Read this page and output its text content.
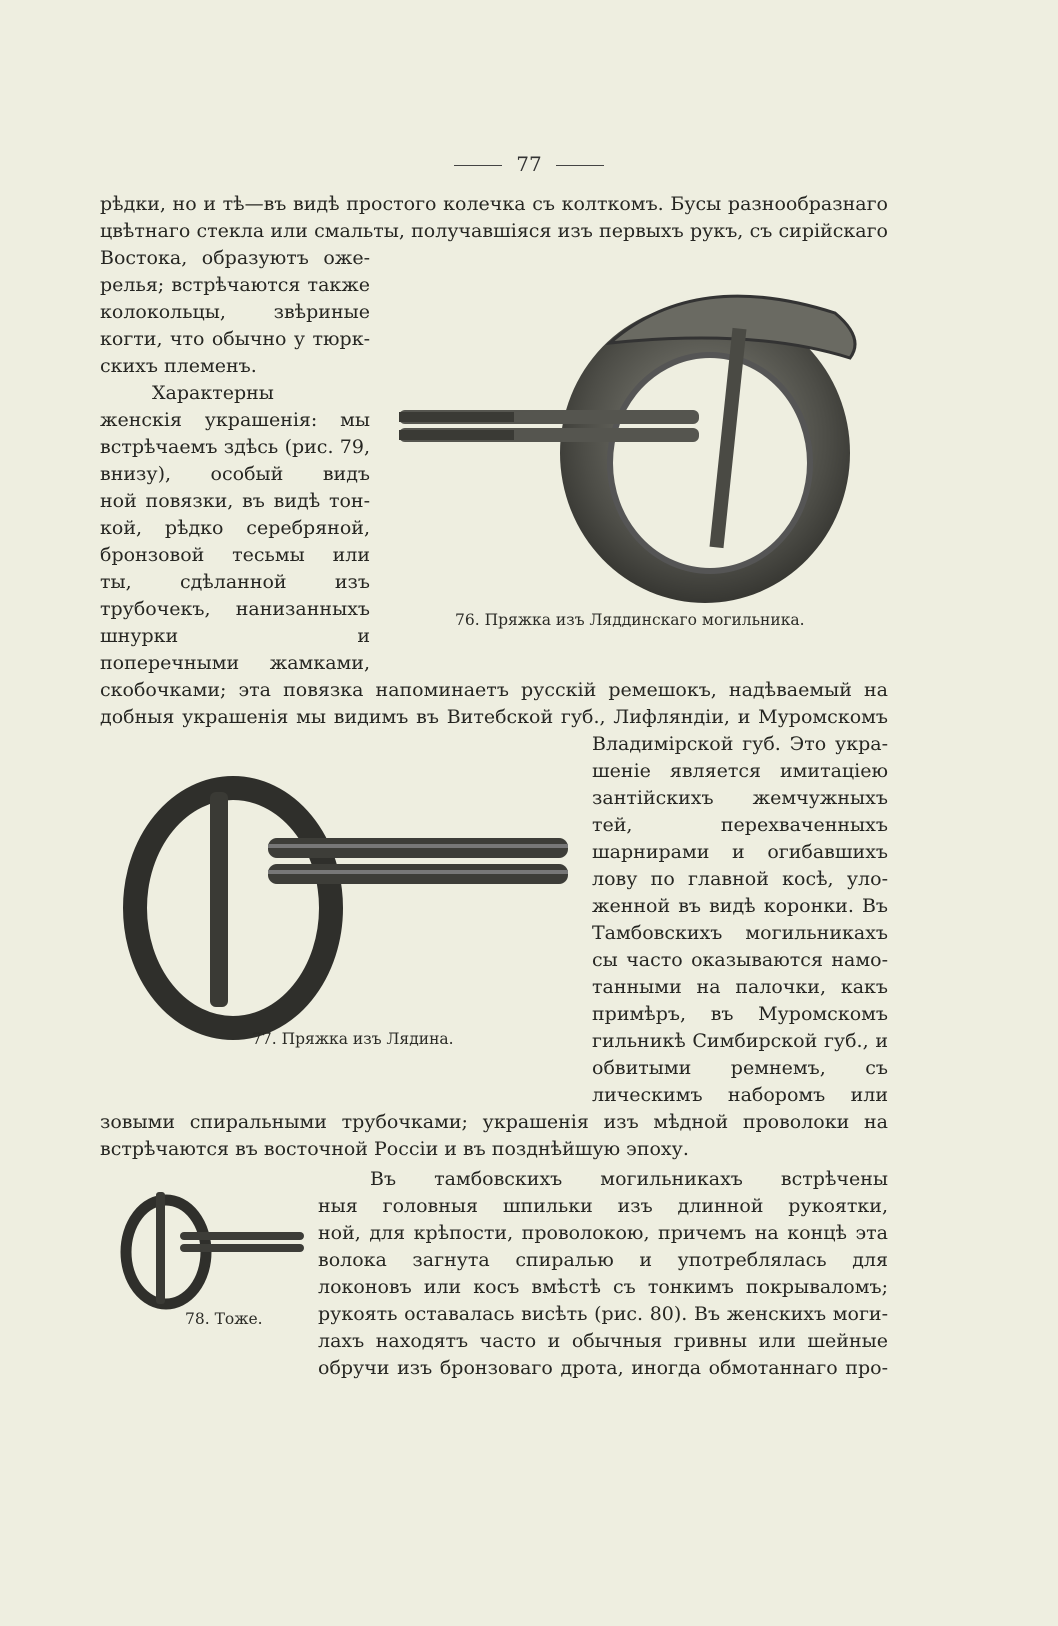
77
рѣдки, но и тѣ—въ видѣ простого колечка съ колткомъ. Бусы разнообразнаго
цвѣтнаго стекла или смальты, получавшіяся изъ первыхъ рукъ, съ сирійскаго
Востока, образуютъ оже-
релья; встрѣчаются также
колокольцы, звѣриные
когти, что обычно у тюрк-
скихъ племенъ.
Характерны
женскія украшенія: мы
встрѣчаемъ здѣсь (рис. 79,
внизу), особый видъ
ной повязки, въ видѣ тон-
кой, рѣдко серебряной,
бронзовой тесьмы или
ты, сдѣланной изъ
трубочекъ, нанизанныхъ
шнурки и
поперечными жамками,
76. Пряжка изъ Ляддинскаго могильника.
скобочками; эта повязка напоминаетъ русскій ремешокъ, надѣваемый на
добныя украшенія мы видимъ въ Витебской губ., Лифляндіи, и Муромскомъ
Владимірской губ. Это укра-
шеніе является имитаціею
зантійскихъ жемчужныхъ
тей, перехваченныхъ
шарнирами и огибавшихъ
лову по главной косѣ, уло-
женной въ видѣ коронки. Въ
Тамбовскихъ могильникахъ
сы часто оказываются намо-
танными на палочки, какъ
примѣръ, въ Муромскомъ
гильникѣ Симбирской губ., и
обвитыми ремнемъ, съ
лическимъ наборомъ или
77. Пряжка изъ Лядина.
зовыми спиральными трубочками; украшенія изъ мѣдной проволоки на
встрѣчаются въ восточной Россіи и въ позднѣйшую эпоху.
78. Тоже.
Въ тамбовскихъ могильникахъ встрѣчены
ныя головныя шпильки изъ длинной рукоятки,
ной, для крѣпости, проволокою, причемъ на концѣ эта
волока загнута спиралью и употреблялась для
локоновъ или косъ вмѣстѣ съ тонкимъ покрываломъ;
рукоять оставалась висѣть (рис. 80). Въ женскихъ моги-
лахъ находятъ часто и обычныя гривны или шейные
обручи изъ бронзоваго дрота, иногда обмотаннаго про-
